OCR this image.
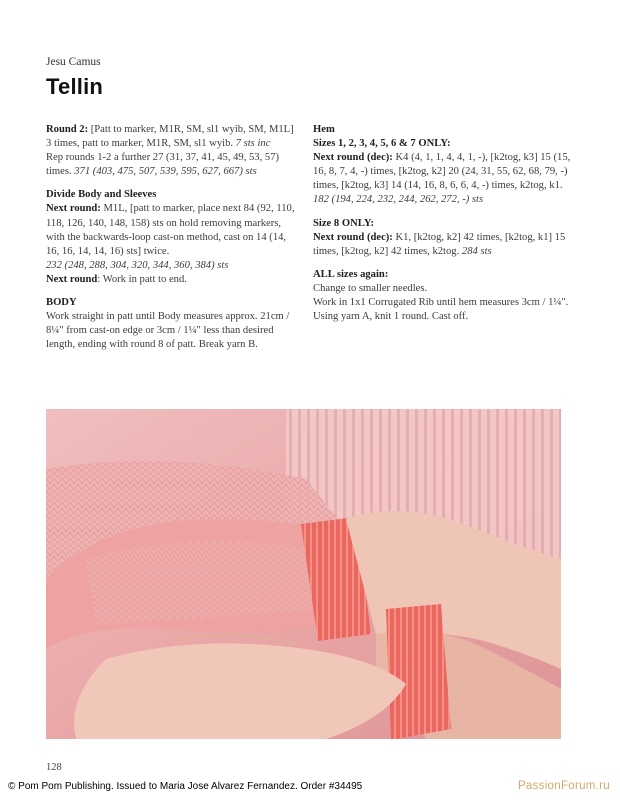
Jesu Camus
Tellin

Round 2: [Patt to marker, M1R, SM, sl1 wyib, SM, M1L] 3 times, patt to marker, M1R, SM, sl1 wyib. 7 sts inc
Rep rounds 1-2 a further 27 (31, 37, 41, 45, 49, 53, 57) times. 371 (403, 475, 507, 539, 595, 627, 667) sts

Divide Body and Sleeves
Next round: M1L, [patt to marker, place next 84 (92, 110, 118, 126, 140, 148, 158) sts on hold removing markers, with the backwards-loop cast-on method, cast on 14 (14, 16, 16, 14, 14, 16) sts] twice.
232 (248, 288, 304, 320, 344, 360, 384) sts
Next round: Work in patt to end.

BODY
Work straight in patt until Body measures approx. 21cm / 8¼" from cast-on edge or 3cm / 1¼" less than desired length, ending with round 8 of patt. Break yarn B.

Hem
Sizes 1, 2, 3, 4, 5, 6 & 7 ONLY:
Next round (dec): K4 (4, 1, 1, 4, 4, 1, -), [k2tog, k3] 15 (15, 16, 8, 7, 4, -) times, [k2tog, k2] 20 (24, 31, 55, 62, 68, 79, -) times, [k2tog, k3] 14 (14, 16, 8, 6, 6, 4, -) times, k2tog, k1. 182 (194, 224, 232, 244, 262, 272, -) sts

Size 8 ONLY:
Next round (dec): K1, [k2tog, k2] 42 times, [k2tog, k1] 15 times, [k2tog, k2] 42 times, k2tog. 284 sts

ALL sizes again:
Change to smaller needles.
Work in 1x1 Corrugated Rib until hem measures 3cm / 1¼".
Using yarn A, knit 1 round. Cast off.

128
© Pom Pom Publishing. Issued to Maria Jose Alvarez Fernandez. Order #34495	PassionForum.ru
